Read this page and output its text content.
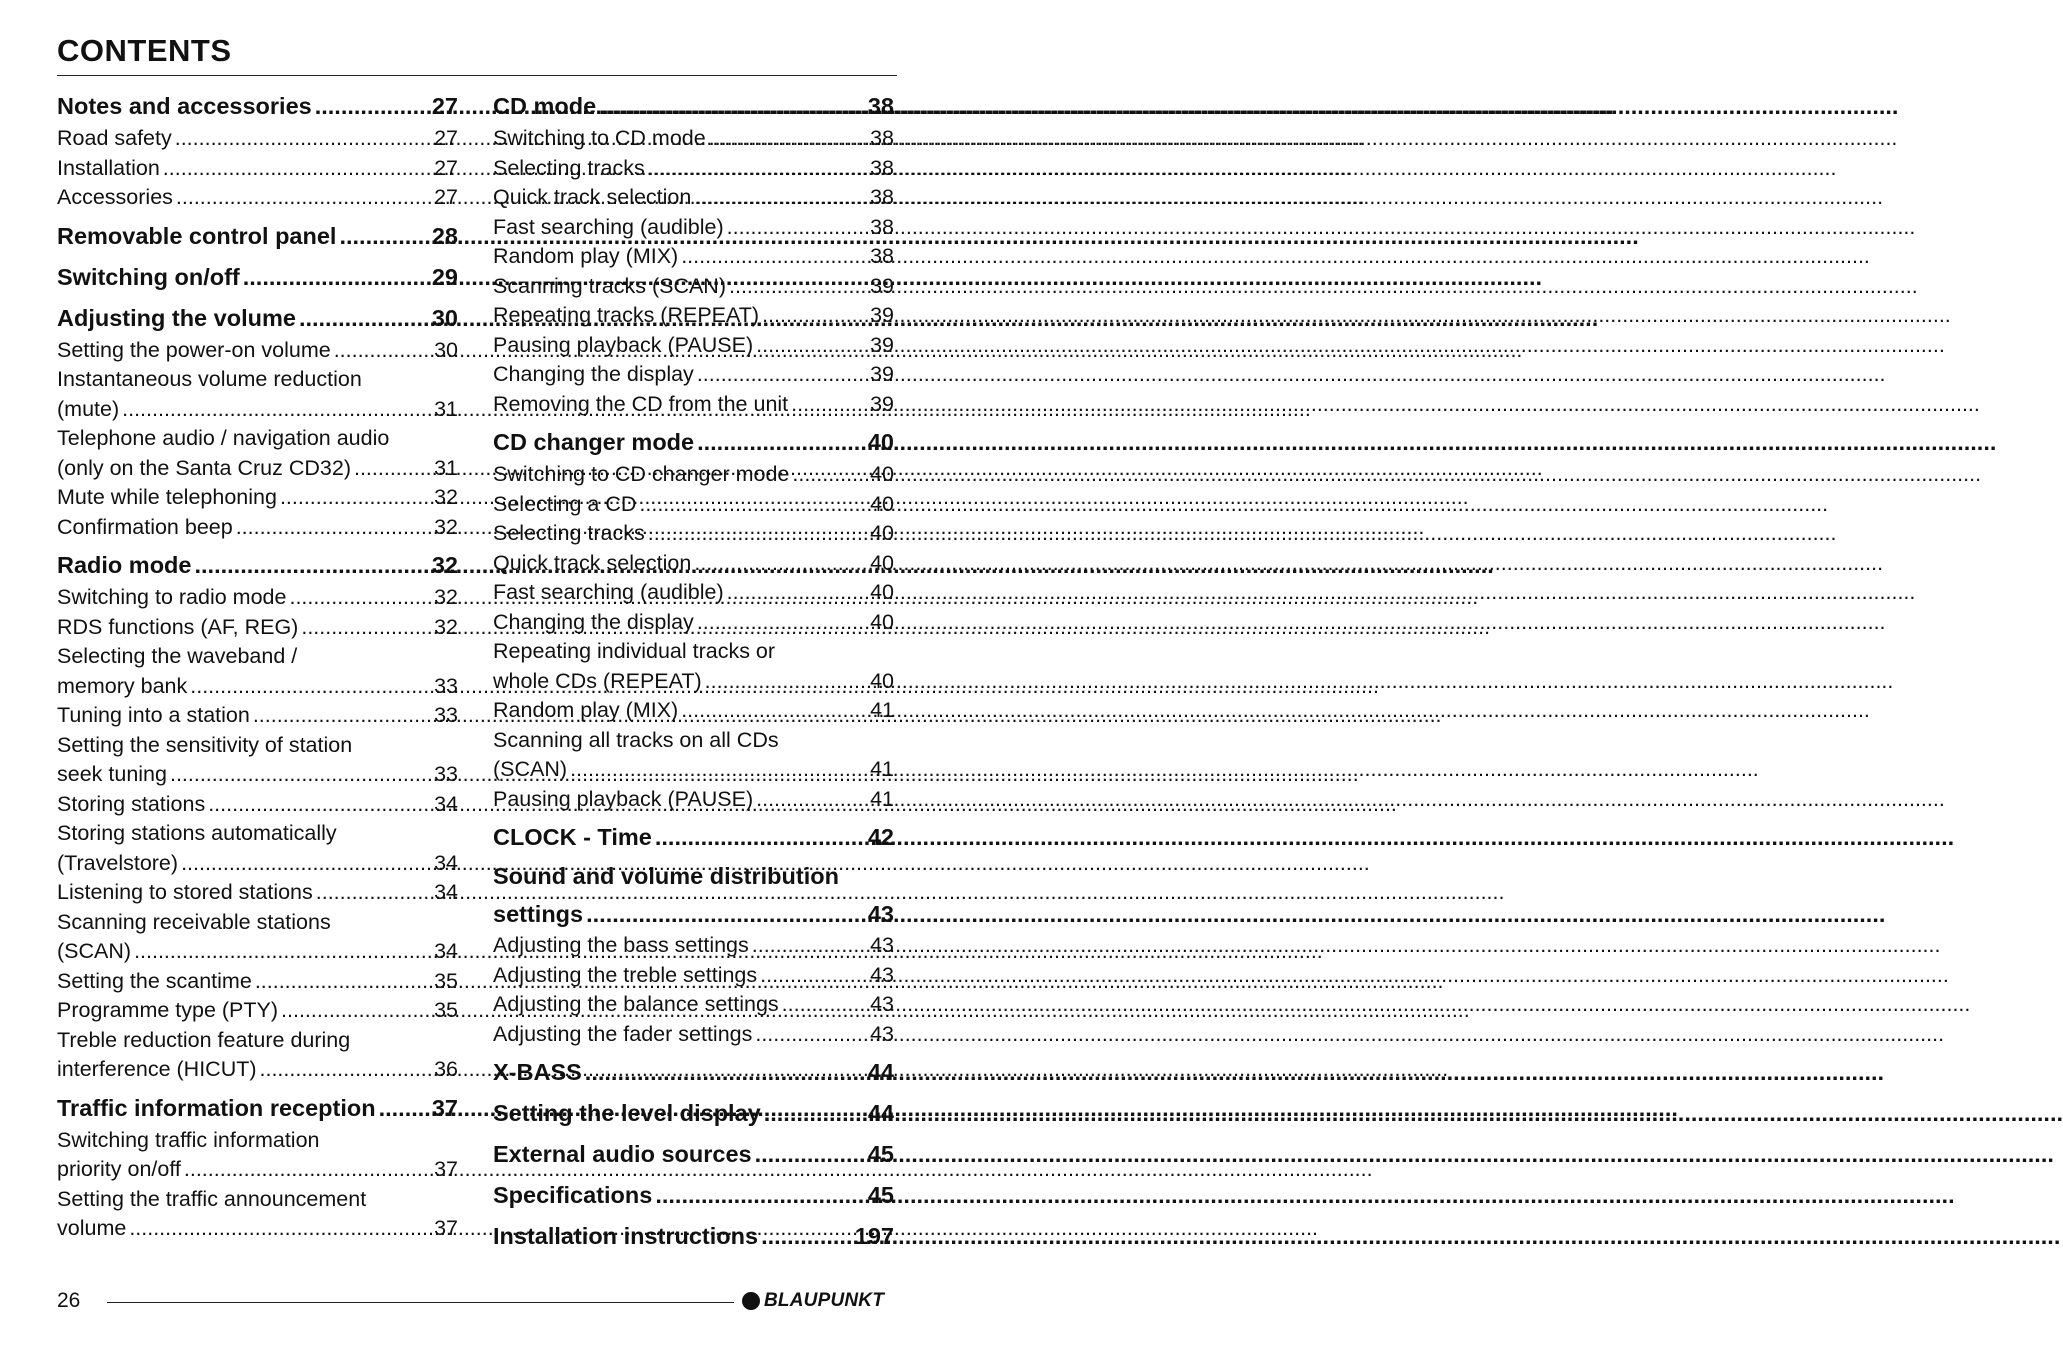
CONTENTS
Notes and accessories .....	27
Road safety .....	27
Installation .....	27
Accessories .....	27
Removable control panel .....	28
Switching on/off .....	29
Adjusting the volume .....	30
Setting the power-on volume .....	30
Instantaneous volume reduction
(mute) .....	31
Telephone audio / navigation audio
(only on the Santa Cruz CD32) .....	31
Mute while telephoning .....	32
Confirmation beep .....	32
Radio mode .....	32
Switching to radio mode .....	32
RDS functions (AF, REG) .....	32
Selecting the waveband /
memory bank .....	33
Tuning into a station .....	33
Setting the sensitivity of station
seek tuning .....	33
Storing stations .....	34
Storing stations automatically
(Travelstore) .....	34
Listening to stored stations .....	34
Scanning receivable stations
(SCAN) .....	34
Setting the scantime .....	35
Programme type (PTY) .....	35
Treble reduction feature during
interference (HICUT) .....	36
Traffic information reception ..... 37
Switching traffic information
priority on/off .....	37
Setting the traffic announcement
volume .....	37
CD mode .....	38
Switching to CD mode .....	38
Selecting tracks .....	38
Quick track selection .....	38
Fast searching (audible) .....	38
Random play (MIX) .....	38
Scanning tracks (SCAN) .....	39
Repeating tracks (REPEAT) .....	39
Pausing playback (PAUSE) .....	39
Changing the display .....	39
Removing the CD from the unit .....	39
CD changer mode .....	40
Switching to CD changer mode .....	40
Selecting a CD .....	40
Selecting tracks .....	40
Quick track selection .....	40
Fast searching (audible) .....	40
Changing the display .....	40
Repeating individual tracks or
whole CDs (REPEAT) .....	40
Random play (MIX) .....	41
Scanning all tracks on all CDs
(SCAN) .....	41
Pausing playback (PAUSE) .....	41
CLOCK - Time .....	42
Sound and volume distribution
settings .....	43
Adjusting the bass settings .....	43
Adjusting the treble settings .....	43
Adjusting the balance settings .....	43
Adjusting the fader settings .....	43
X-BASS .....	44
Setting the level display .....	44
External audio sources .....	45
Specifications .....	45
Installation instructions .....	197
26	BLAUPUNKT
